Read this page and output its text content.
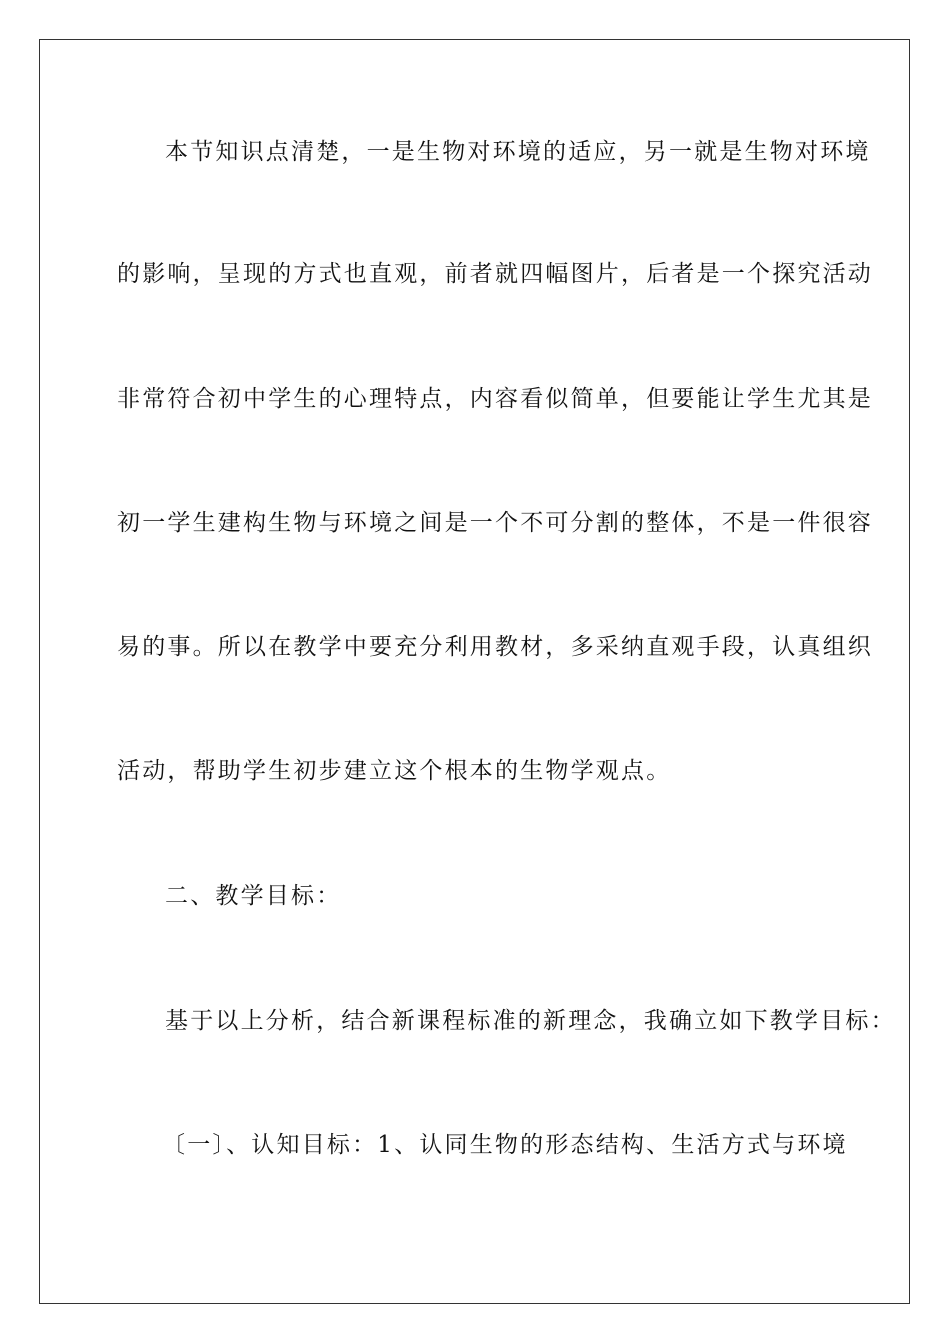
本节知识点清楚，一是生物对环境的适应，另一就是生物对环境
的影响，呈现的方式也直观，前者就四幅图片，后者是一个探究活动
非常符合初中学生的心理特点，内容看似简单，但要能让学生尤其是
初一学生建构生物与环境之间是一个不可分割的整体，不是一件很容
易的事。所以在教学中要充分利用教材，多采纳直观手段，认真组织
活动，帮助学生初步建立这个根本的生物学观点。
二、教学目标：
基于以上分析，结合新课程标准的新理念，我确立如下教学目标：
〔一〕、认知目标：1、认同生物的形态结构、生活方式与环境
